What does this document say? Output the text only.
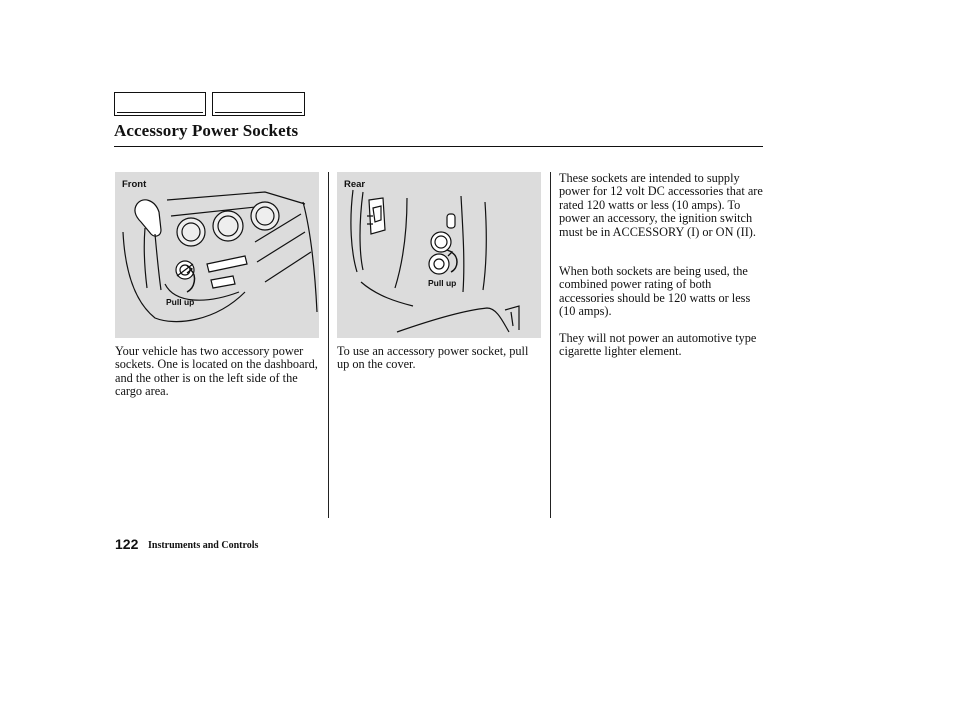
Accessory Power Sockets
Front
Pull up
Rear
Pull up

Your vehicle has two accessory power sockets. One is located on the dashboard, and the other is on the left side of the cargo area.

To use an accessory power socket, pull up on the cover.

These sockets are intended to supply power for 12 volt DC accessories that are rated 120 watts or less (10 amps). To power an accessory, the ignition switch must be in ACCESSORY (I) or ON (II).

When both sockets are being used, the combined power rating of both accessories should be 120 watts or less (10 amps).

They will not power an automotive type cigarette lighter element.

122 Instruments and Controls
